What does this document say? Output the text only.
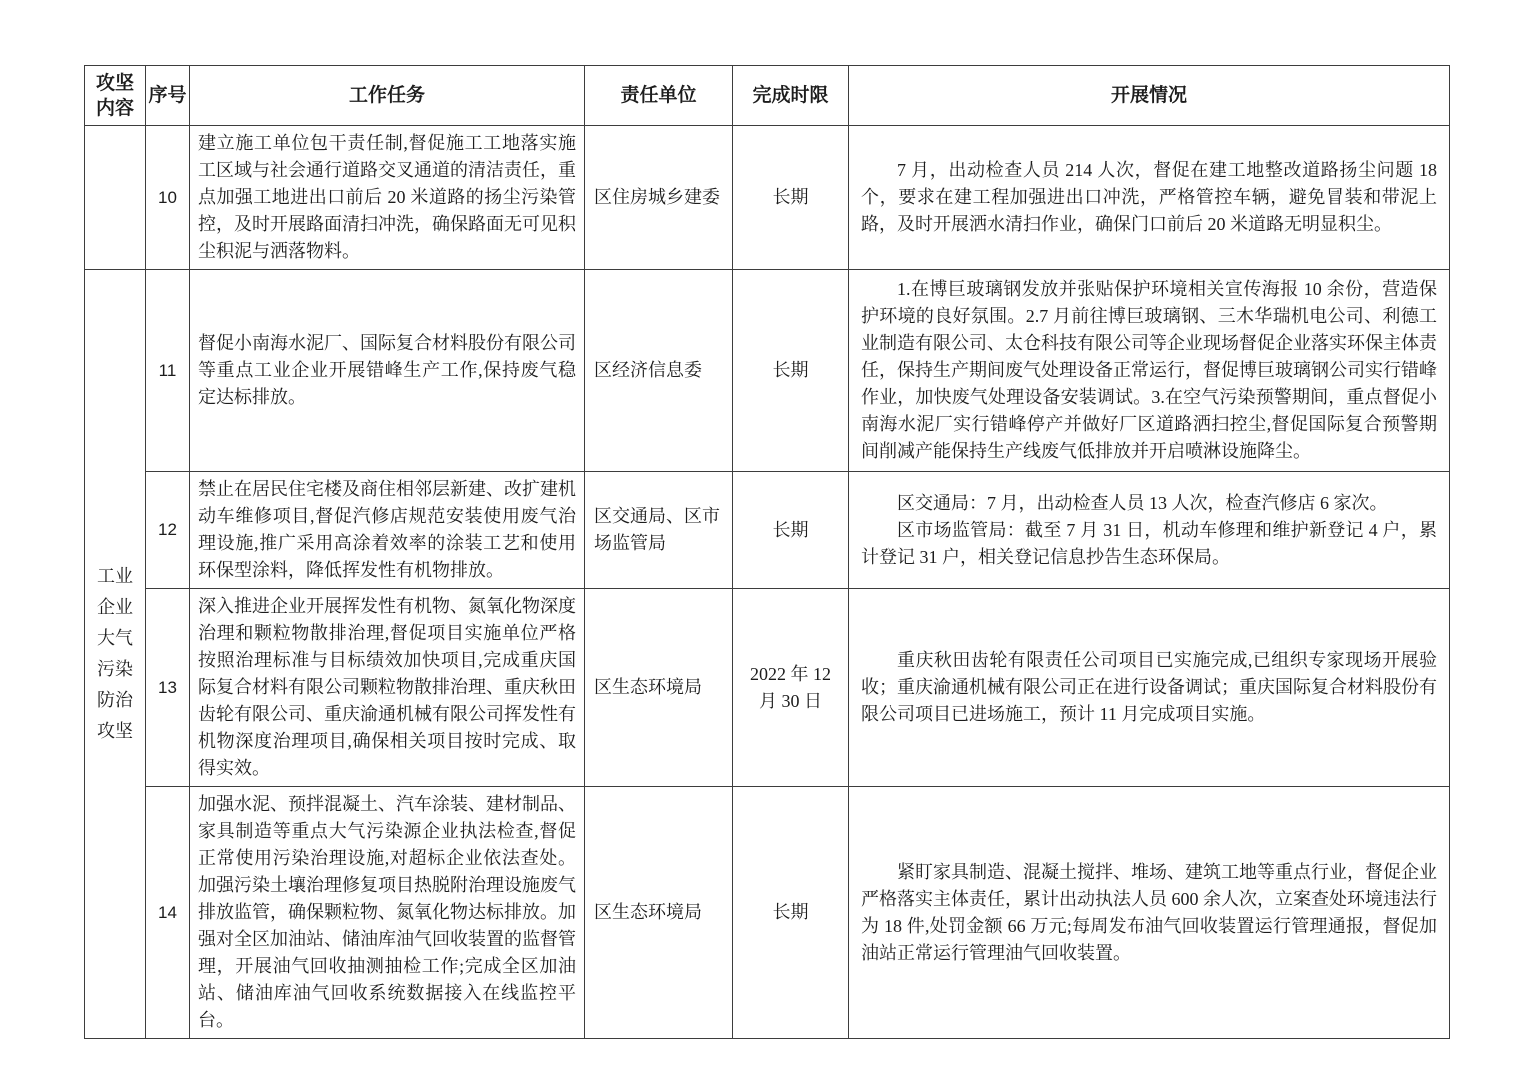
攻坚内容	序号	工作任务	责任单位	完成时限	开展情况
	10	建立施工单位包干责任制,督促施工工地落实施工区域与社会通行道路交叉通道的清洁责任，重点加强工地进出口前后 20 米道路的扬尘污染管控，及时开展路面清扫冲洗，确保路面无可见积尘积泥与洒落物料。	区住房城乡建委	长期	7 月，出动检查人员 214 人次，督促在建工地整改道路扬尘问题 18 个，要求在建工程加强进出口冲洗，严格管控车辆，避免冒装和带泥上路，及时开展洒水清扫作业，确保门口前后 20 米道路无明显积尘。

工业企业大气污染防治攻坚	11	督促小南海水泥厂、国际复合材料股份有限公司等重点工业企业开展错峰生产工作,保持废气稳定达标排放。	区经济信息委	长期	1.在博巨玻璃钢发放并张贴保护环境相关宣传海报 10 余份，营造保护环境的良好氛围。2.7 月前往博巨玻璃钢、三木华瑞机电公司、利德工业制造有限公司、太仓科技有限公司等企业现场督促企业落实环保主体责任，保持生产期间废气处理设备正常运行，督促博巨玻璃钢公司实行错峰作业，加快废气处理设备安装调试。3.在空气污染预警期间，重点督促小南海水泥厂实行错峰停产并做好厂区道路洒扫控尘,督促国际复合预警期间削减产能保持生产线废气低排放并开启喷淋设施降尘。

	12	禁止在居民住宅楼及商住相邻层新建、改扩建机动车维修项目,督促汽修店规范安装使用废气治理设施,推广采用高涂着效率的涂装工艺和使用环保型涂料，降低挥发性有机物排放。	区交通局、区市场监管局	长期	区交通局：7 月，出动检查人员 13 人次，检查汽修店 6 家次。

区市场监管局：截至 7 月 31 日，机动车修理和维护新登记 4 户，累计登记 31 户，相关登记信息抄告生态环保局。

	13	深入推进企业开展挥发性有机物、氮氧化物深度治理和颗粒物散排治理,督促项目实施单位严格按照治理标准与目标绩效加快项目,完成重庆国际复合材料有限公司颗粒物散排治理、重庆秋田齿轮有限公司、重庆渝通机械有限公司挥发性有机物深度治理项目,确保相关项目按时完成、取得实效。	区生态环境局	2022 年 12 月 30 日	重庆秋田齿轮有限责任公司项目已实施完成,已组织专家现场开展验收；重庆渝通机械有限公司正在进行设备调试；重庆国际复合材料股份有限公司项目已进场施工，预计 11 月完成项目实施。

	14	加强水泥、预拌混凝土、汽车涂装、建材制品、家具制造等重点大气污染源企业执法检查,督促正常使用污染治理设施,对超标企业依法查处。加强污染土壤治理修复项目热脱附治理设施废气排放监管，确保颗粒物、氮氧化物达标排放。加强对全区加油站、储油库油气回收装置的监督管理，开展油气回收抽测抽检工作;完成全区加油站、储油库油气回收系统数据接入在线监控平台。	区生态环境局	长期	紧盯家具制造、混凝土搅拌、堆场、建筑工地等重点行业，督促企业严格落实主体责任，累计出动执法人员 600 余人次，立案查处环境违法行为 18 件,处罚金额 66 万元;每周发布油气回收装置运行管理通报，督促加油站正常运行管理油气回收装置。
